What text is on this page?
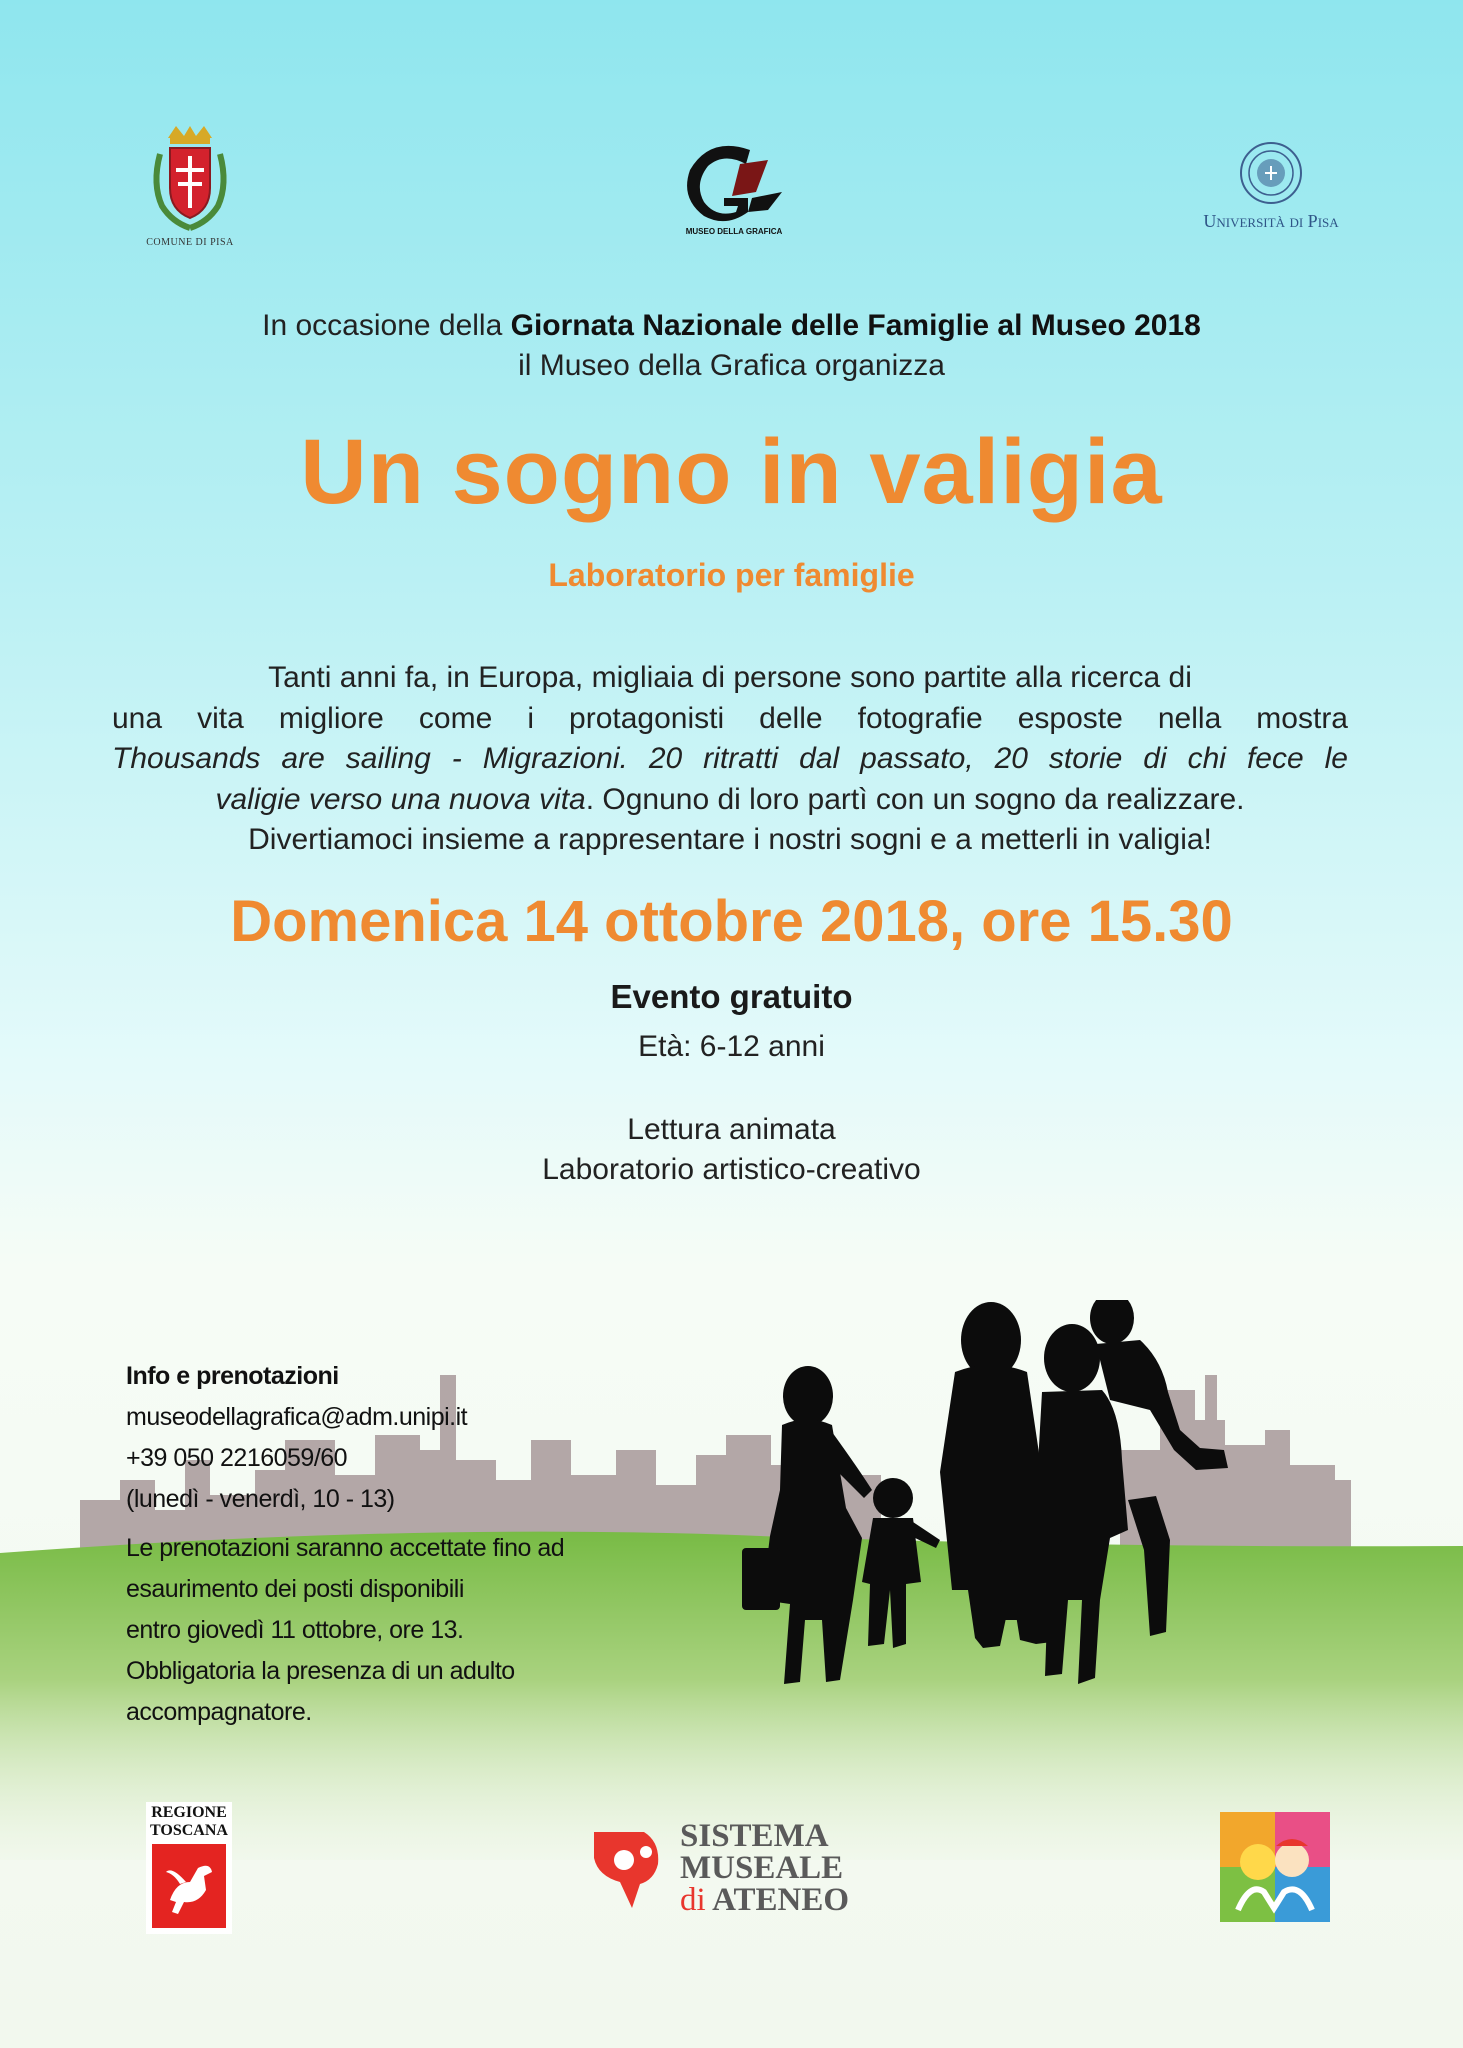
COMUNE DI PISA
MUSEO DELLA GRAFICA
Università di Pisa
In occasione della Giornata Nazionale delle Famiglie al Museo 2018
il Museo della Grafica organizza
Un sogno in valigia
Laboratorio per famiglie
Tanti anni fa, in Europa, migliaia di persone sono partite alla ricerca di
una vita migliore come i protagonisti delle fotografie esposte nella mostra
Thousands are sailing - Migrazioni. 20 ritratti dal passato, 20 storie di chi fece le
valigie verso una nuova vita. Ognuno di loro partì con un sogno da realizzare.
Divertiamoci insieme a rappresentare i nostri sogni e a metterli in valigia!
Domenica 14 ottobre 2018, ore 15.30
Evento gratuito
Età: 6-12 anni
Lettura animata
Laboratorio artistico-creativo
Info e prenotazioni
museodellagrafica@adm.unipi.it
+39 050 2216059/60
(lunedì - venerdì, 10 - 13)
Le prenotazioni saranno accettate fino ad
esaurimento dei posti disponibili
entro giovedì 11 ottobre, ore 13.
Obbligatoria la presenza di un adulto
accompagnatore.
REGIONE
TOSCANA	SISTEMA
MUSEALE
di ATENEO
